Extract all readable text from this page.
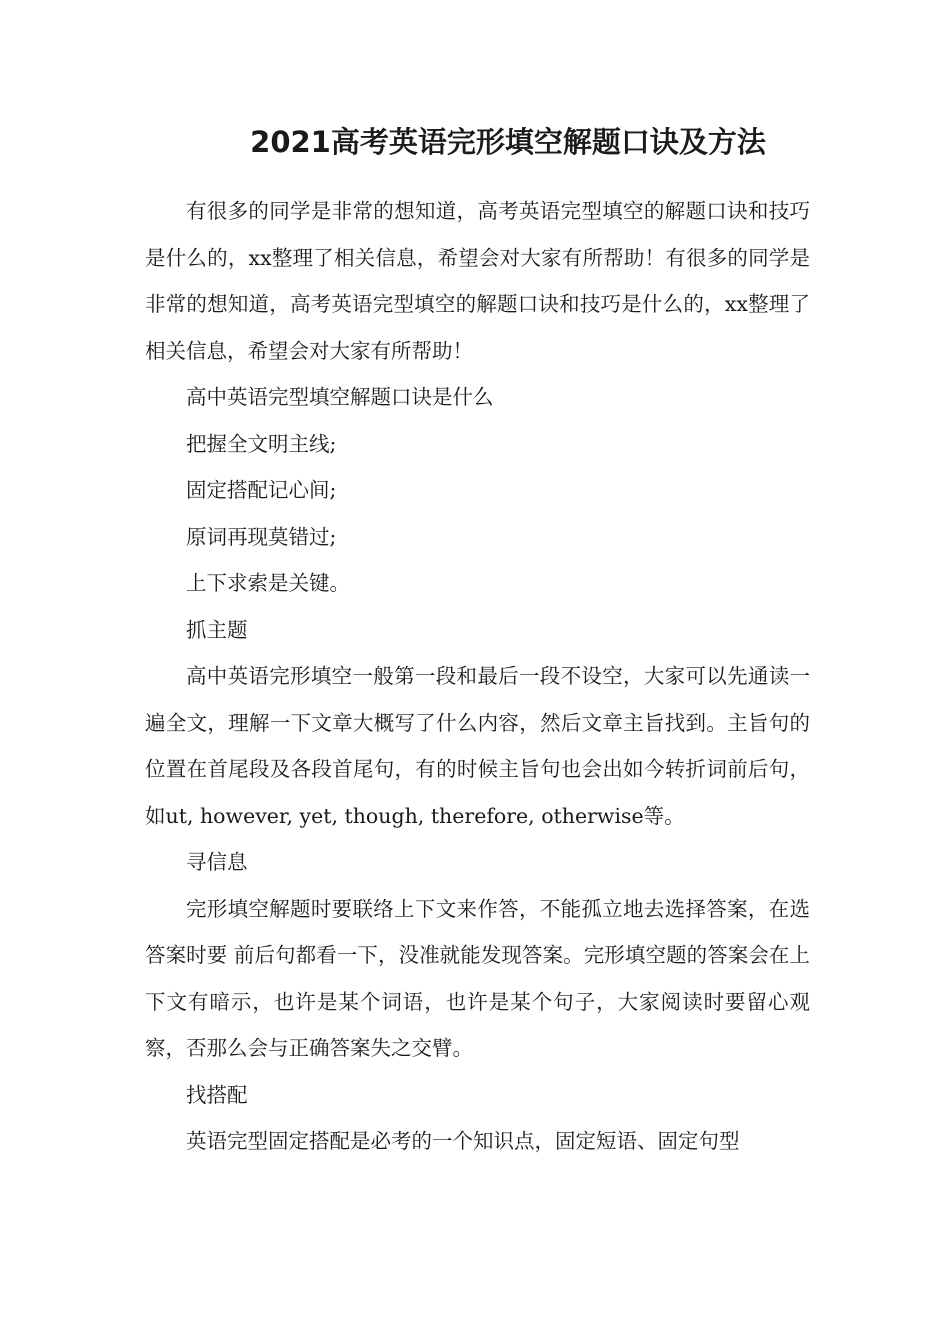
2021高考英语完形填空解题口诀及方法

有很多的同学是非常的想知道，高考英语完型填空的解题口诀和技巧是什么的，xx整理了相关信息，希望会对大家有所帮助！有很多的同学是非常的想知道，高考英语完型填空的解题口诀和技巧是什么的，xx整理了相关信息，希望会对大家有所帮助！

高中英语完型填空解题口诀是什么

把握全文明主线;

固定搭配记心间;

原词再现莫错过;

上下求索是关键。

抓主题

高中英语完形填空一般第一段和最后一段不设空，大家可以先通读一遍全文，理解一下文章大概写了什么内容，然后文章主旨找到。主旨句的位置在首尾段及各段首尾句，有的时候主旨句也会出如今转折词前后句，如ut, however, yet, though, therefore, otherwise等。

寻信息

完形填空解题时要联络上下文来作答，不能孤立地去选择答案，在选答案时要 前后句都看一下，没准就能发现答案。完形填空题的答案会在上下文有暗示，也许是某个词语，也许是某个句子，大家阅读时要留心观察，否那么会与正确答案失之交臂。

找搭配

英语完型固定搭配是必考的一个知识点，固定短语、固定句型
